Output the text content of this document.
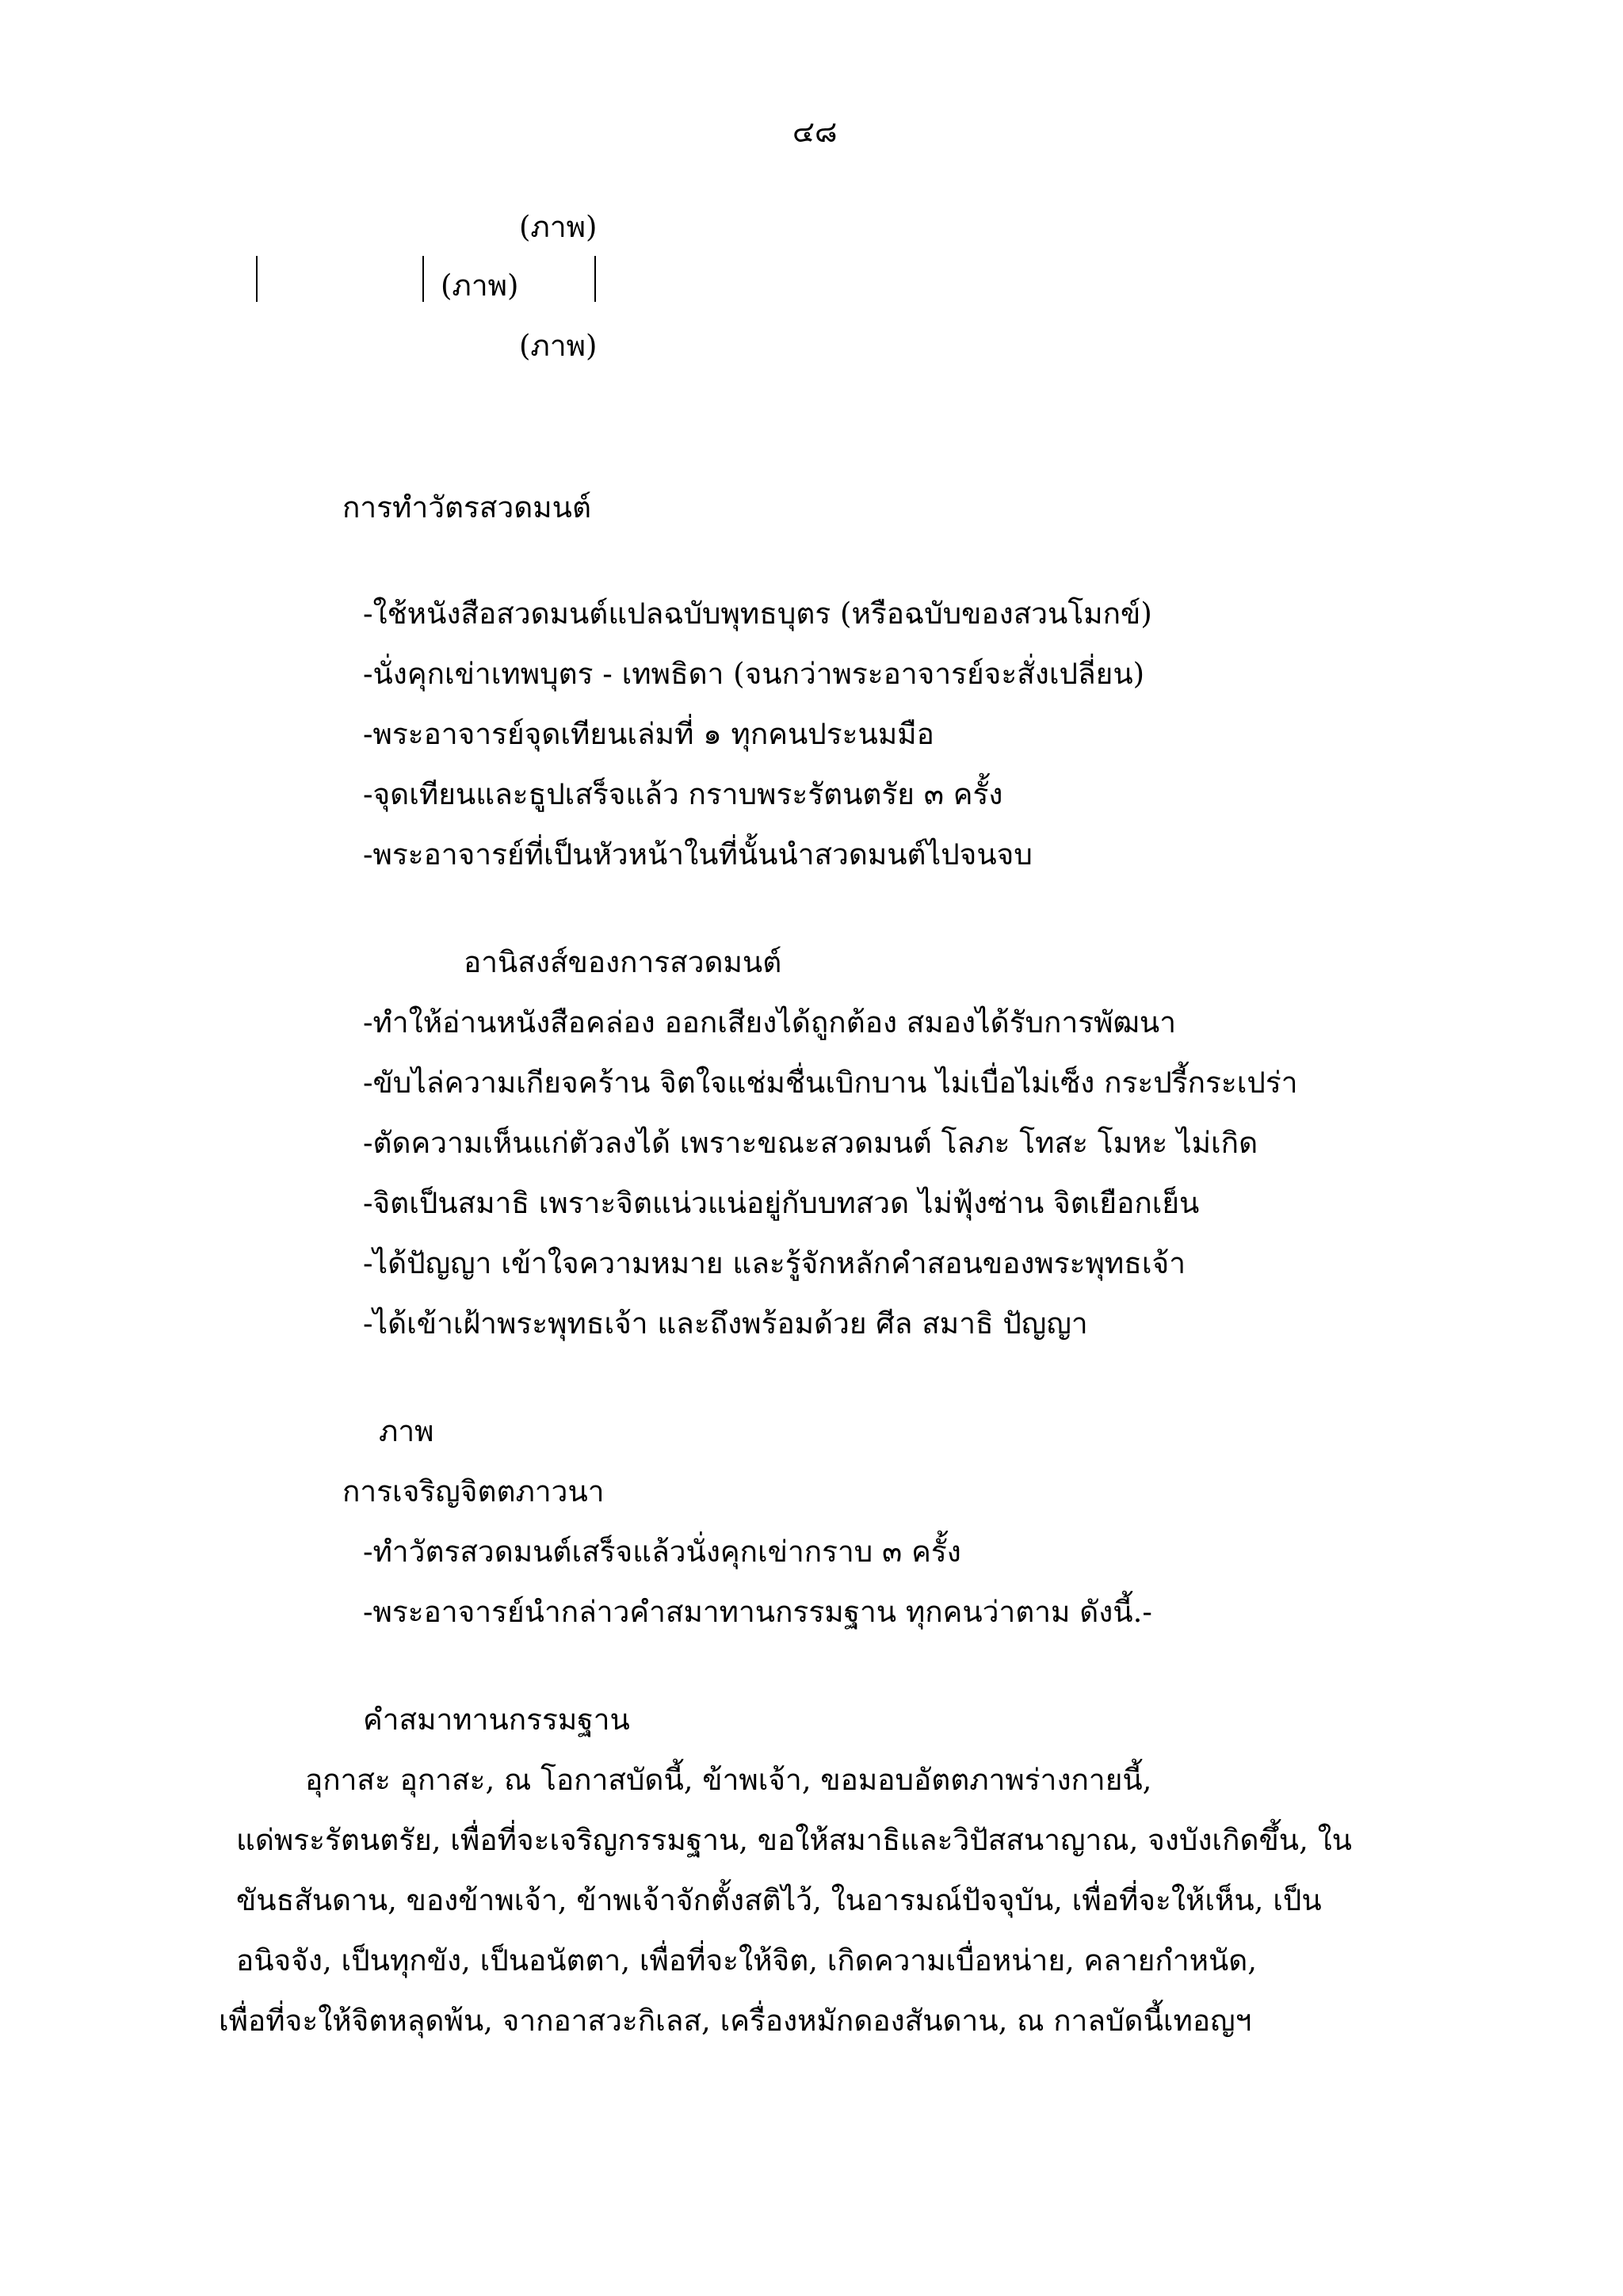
๔๘
(ภาพ)
(ภาพ)
(ภาพ)
การทำวัตรสวดมนต์
-ใช้หนังสือสวดมนต์แปลฉบับพุทธบุตร (หรือฉบับของสวนโมกข์)
-นั่งคุกเข่าเทพบุตร - เทพธิดา (จนกว่าพระอาจารย์จะสั่งเปลี่ยน)
-พระอาจารย์จุดเทียนเล่มที่ ๑ ทุกคนประนมมือ
-จุดเทียนและธูปเสร็จแล้ว กราบพระรัตนตรัย ๓ ครั้ง
-พระอาจารย์ที่เป็นหัวหน้าในที่นั้นนำสวดมนต์ไปจนจบ
อานิสงส์ของการสวดมนต์
-ทำให้อ่านหนังสือคล่อง ออกเสียงได้ถูกต้อง สมองได้รับการพัฒนา
-ขับไล่ความเกียจคร้าน จิตใจแช่มชื่นเบิกบาน ไม่เบื่อไม่เซ็ง กระปรี้กระเปร่า
-ตัดความเห็นแก่ตัวลงได้ เพราะขณะสวดมนต์ โลภะ โทสะ โมหะ ไม่เกิด
-จิตเป็นสมาธิ เพราะจิตแน่วแน่อยู่กับบทสวด ไม่ฟุ้งซ่าน จิตเยือกเย็น
-ได้ปัญญา เข้าใจความหมาย และรู้จักหลักคำสอนของพระพุทธเจ้า
-ได้เข้าเฝ้าพระพุทธเจ้า และถึงพร้อมด้วย ศีล สมาธิ ปัญญา
ภาพ
การเจริญจิตตภาวนา
-ทำวัตรสวดมนต์เสร็จแล้วนั่งคุกเข่ากราบ ๓ ครั้ง
-พระอาจารย์นำกล่าวคำสมาทานกรรมฐาน ทุกคนว่าตาม ดังนี้.-
คำสมาทานกรรมฐาน
อุกาสะ อุกาสะ, ณ โอกาสบัดนี้, ข้าพเจ้า, ขอมอบอัตตภาพร่างกายนี้,
แด่พระรัตนตรัย, เพื่อที่จะเจริญกรรมฐาน, ขอให้สมาธิและวิปัสสนาญาณ, จงบังเกิดขึ้น, ใน
ขันธสันดาน, ของข้าพเจ้า, ข้าพเจ้าจักตั้งสติไว้, ในอารมณ์ปัจจุบัน, เพื่อที่จะให้เห็น, เป็น
อนิจจัง, เป็นทุกขัง, เป็นอนัตตา, เพื่อที่จะให้จิต, เกิดความเบื่อหน่าย, คลายกำหนัด,
เพื่อที่จะให้จิตหลุดพ้น, จากอาสวะกิเลส, เครื่องหมักดองสันดาน, ณ กาลบัดนี้เทอญฯ
